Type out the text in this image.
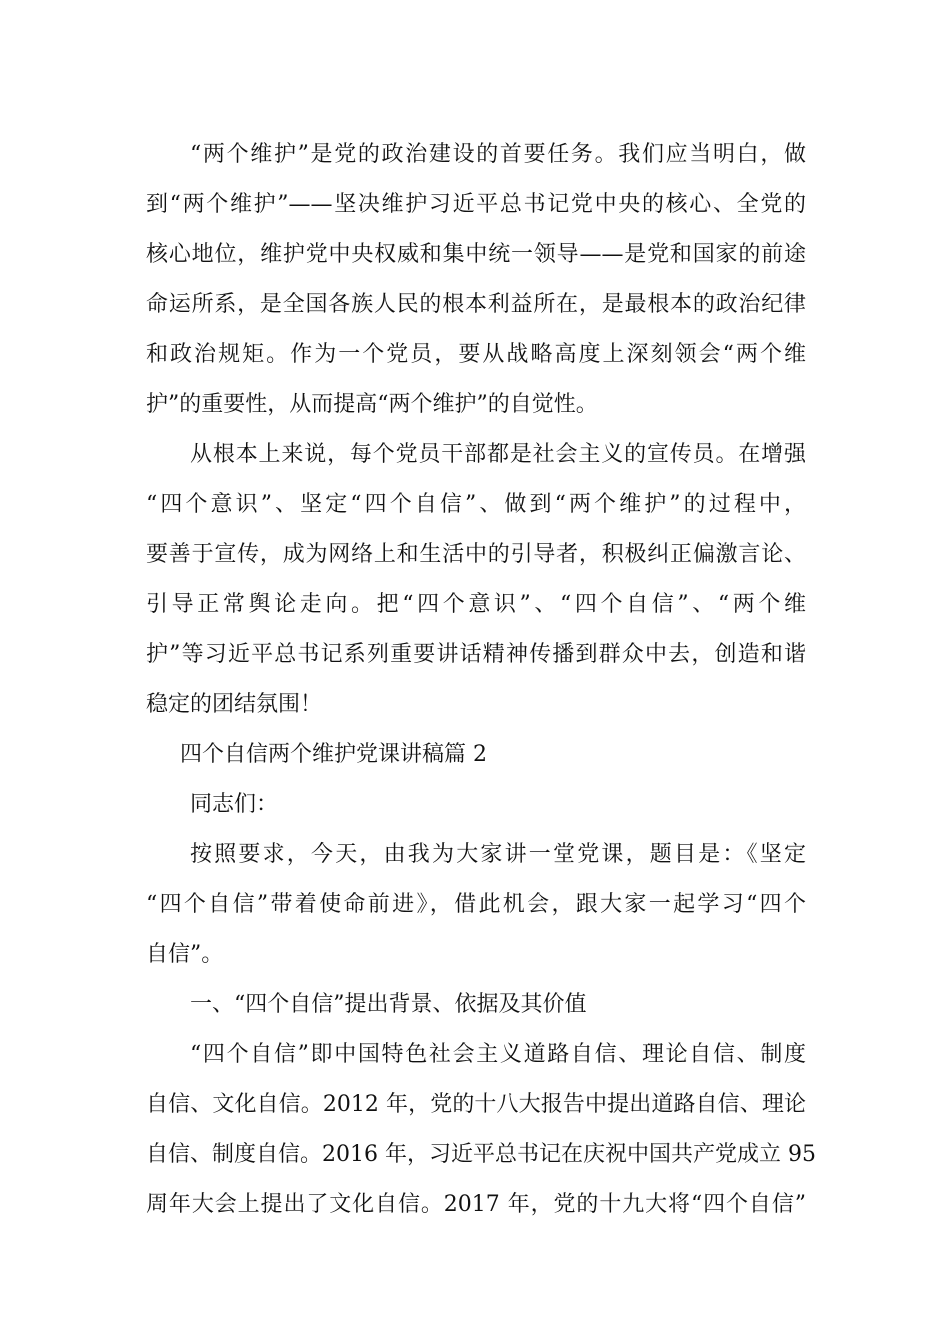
“两个维护”是党的政治建设的首要任务。我们应当明白，做
到“两个维护”——坚决维护习近平总书记党中央的核心、全党的
核心地位，维护党中央权威和集中统一领导——是党和国家的前途
命运所系，是全国各族人民的根本利益所在，是最根本的政治纪律
和政治规矩。作为一个党员，要从战略高度上深刻领会“两个维
护”的重要性，从而提高“两个维护”的自觉性。
从根本上来说，每个党员干部都是社会主义的宣传员。在增强
“四个意识”、坚定“四个自信”、做到“两个维护”的过程中，
要善于宣传，成为网络上和生活中的引导者，积极纠正偏激言论、
引导正常舆论走向。把“四个意识”、“四个自信”、“两个维
护”等习近平总书记系列重要讲话精神传播到群众中去，创造和谐
稳定的团结氛围！
四个自信两个维护党课讲稿篇 2
同志们：
按照要求，今天，由我为大家讲一堂党课，题目是：《坚定
“四个自信”带着使命前进》，借此机会，跟大家一起学习“四个
自信”。
一、“四个自信”提出背景、依据及其价值
“四个自信”即中国特色社会主义道路自信、理论自信、制度
自信、文化自信。2012 年，党的十八大报告中提出道路自信、理论
自信、制度自信。2016 年，习近平总书记在庆祝中国共产党成立 95
周年大会上提出了文化自信。2017 年，党的十九大将“四个自信”
